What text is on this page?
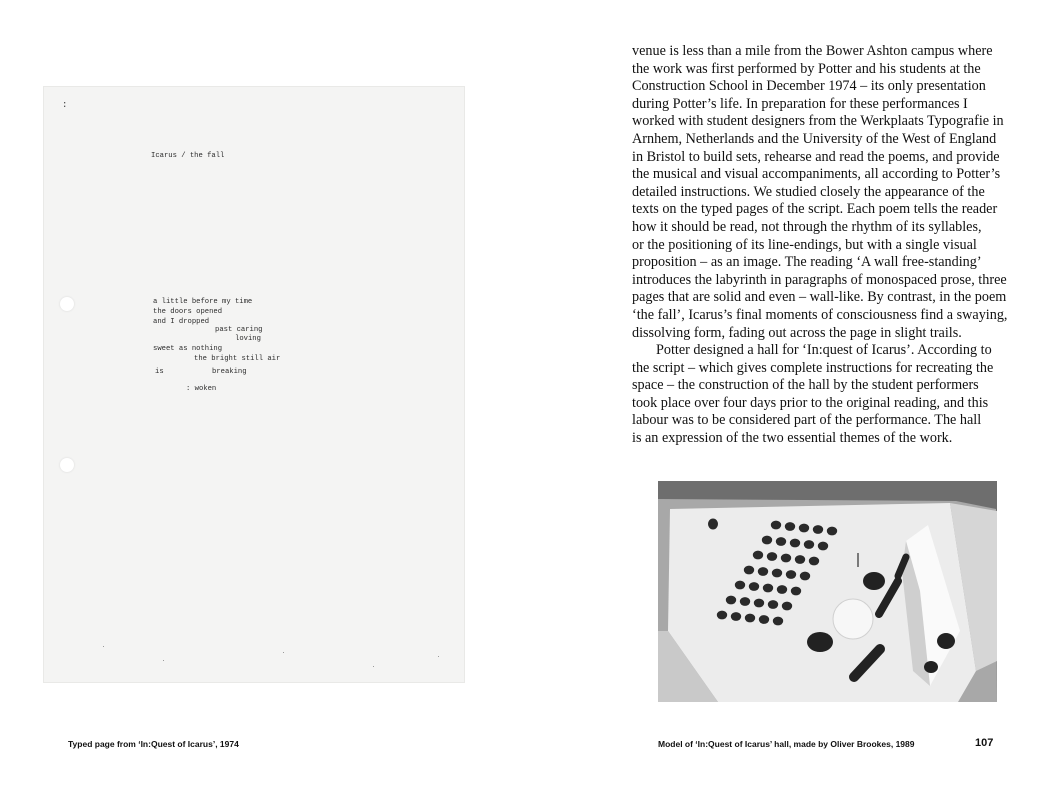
:
Icarus / the fall
a little before my time
the doors opened
and I dropped
past caring
loving
sweet as nothing
the bright still air
is	breaking
: woken

venue is less than a mile from the Bower Ashton campus where

the work was first performed by Potter and his students at the

Construction School in December 1974 – its only presentation

during Potter’s life. In preparation for these performances I

worked with student designers from the Werkplaats Typografie in

Arnhem, Netherlands and the University of the West of England

in Bristol to build sets, rehearse and read the poems, and provide

the musical and visual accompaniments, all according to Potter’s

detailed instructions. We studied closely the appearance of the

texts on the typed pages of the script. Each poem tells the reader

how it should be read, not through the rhythm of its syllables,

or the positioning of its line-endings, but with a single visual

proposition – as an image. The reading ‘A wall free-standing’

introduces the labyrinth in paragraphs of monospaced prose, three

pages that are solid and even – wall-like. By contrast, in the poem

‘the fall’, Icarus’s final moments of consciousness find a swaying,

dissolving form, fading out across the page in slight trails.

Potter designed a hall for ‘In:quest of Icarus’. According to

the script – which gives complete instructions for recreating the

space – the construction of the hall by the student performers

took place over four days prior to the original reading, and this

labour was to be considered part of the performance. The hall

is an expression of the two essential themes of the work.

Typed page from ‘In:Quest of Icarus’, 1974	Model of ‘In:Quest of Icarus’ hall, made by Oliver Brookes, 1989	107
